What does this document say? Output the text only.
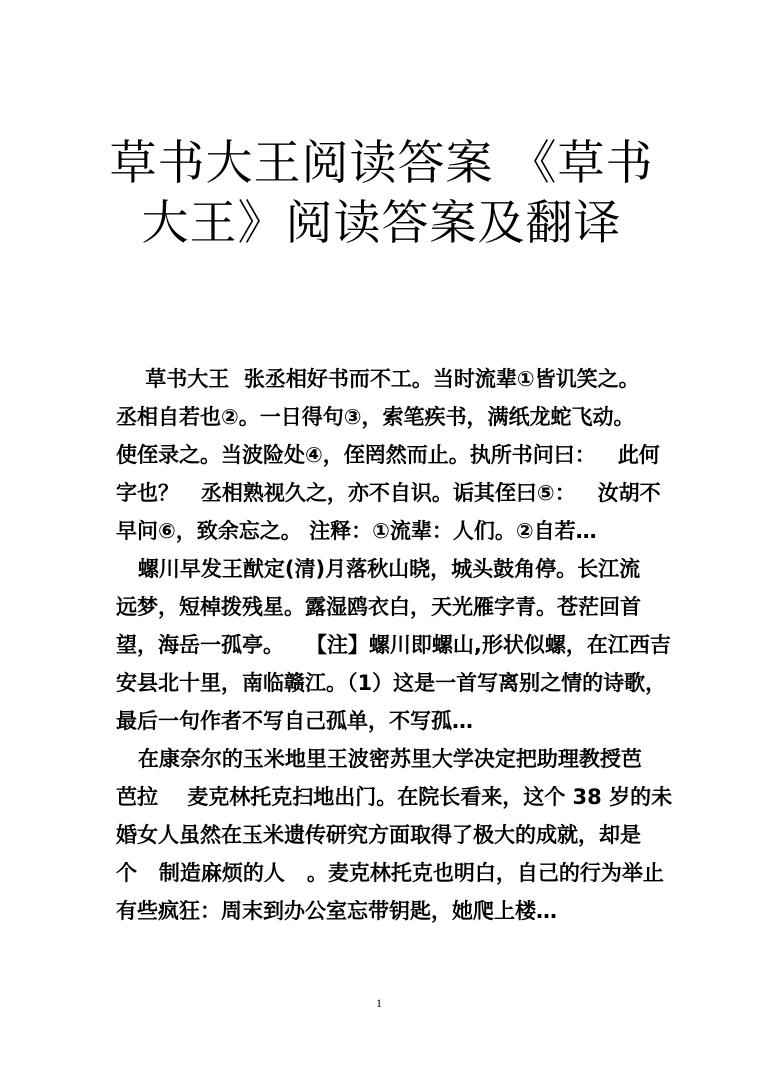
草书大王阅读答案 《草书
大王》阅读答案及翻译
草书大王  张丞相好书而不工。当时流辈①皆讥笑之。
丞相自若也②。一日得句③，索笔疾书，满纸龙蛇飞动。
使侄录之。当波险处④，侄罔然而止。执所书问曰：   此何
字也？   丞相熟视久之，亦不自识。诟其侄曰⑤：   汝胡不
早问⑥，致余忘之。 注释：①流辈：人们。②自若…
螺川早发王猷定(清)月落秋山晓，城头鼓角停。长江流
远梦，短棹拨残星。露湿鸥衣白，天光雁字青。苍茫回首
望，海岳一孤亭。   【注】螺川即螺山,形状似螺，在江西吉
安县北十里，南临赣江。（1）这是一首写离别之情的诗歌，
最后一句作者不写自己孤单，不写孤…
在康奈尔的玉米地里王波密苏里大学决定把助理教授芭
芭拉    麦克林托克扫地出门。在院长看来，这个 38 岁的未
婚女人虽然在玉米遗传研究方面取得了极大的成就，却是
个   制造麻烦的人   。麦克林托克也明白，自己的行为举止
有些疯狂：周末到办公室忘带钥匙，她爬上楼…
1
